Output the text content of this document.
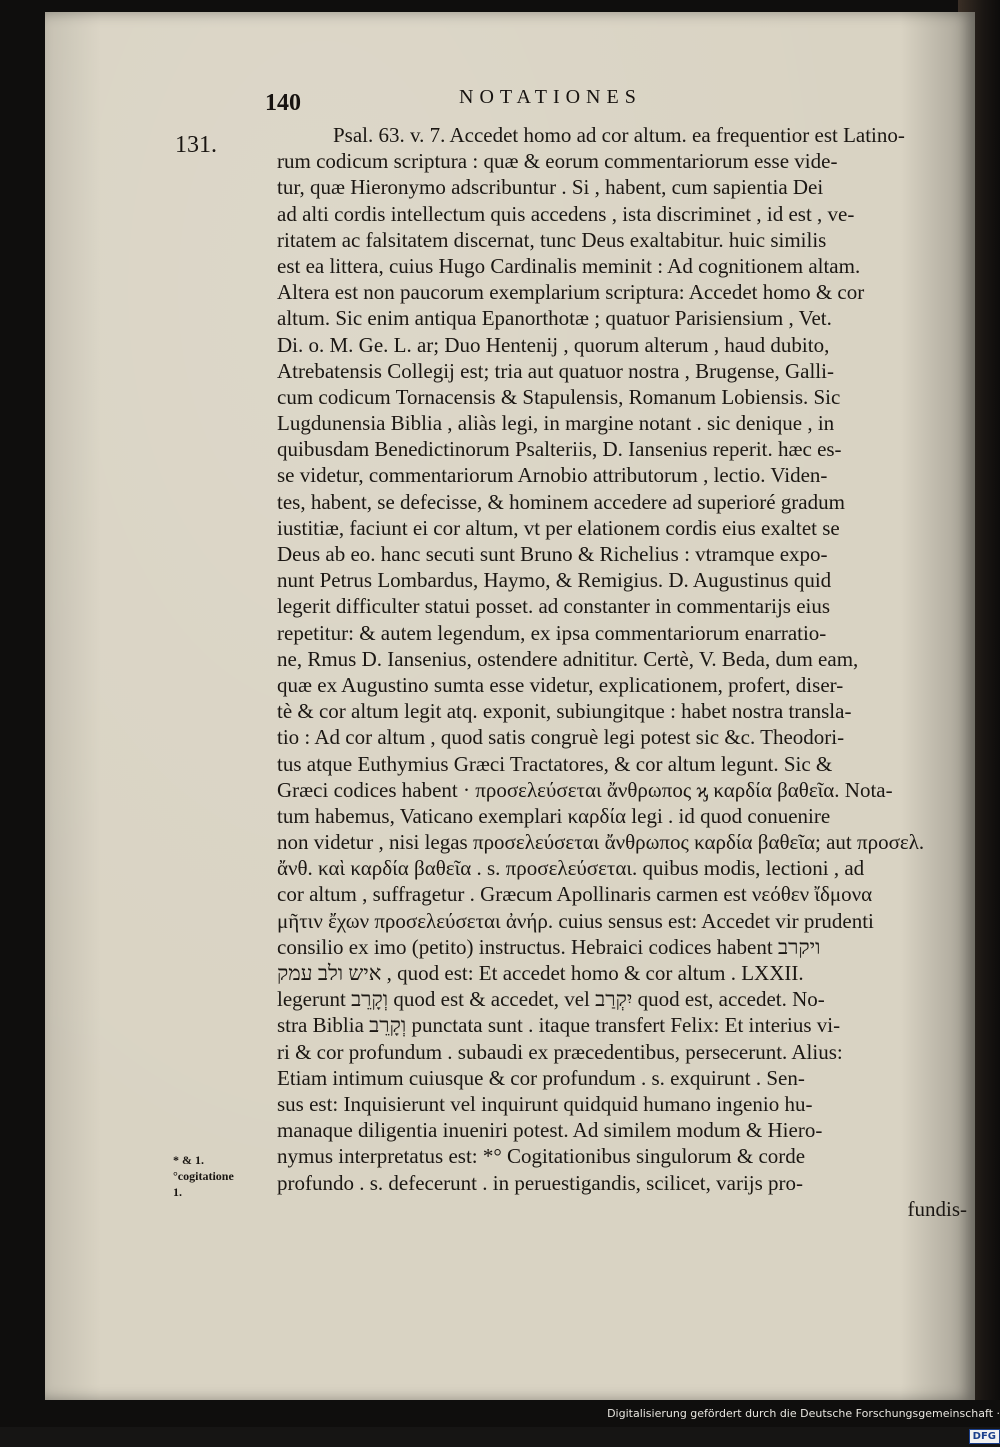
140	NOTATIONES
131.
* & 1.
°cogitatione
1.
Psal. 63. v. 7. Accedet homo ad cor altum. ea frequentior est Latino-
rum codicum scriptura : quæ & eorum commentariorum esse vide-
tur, quæ Hieronymo adscribuntur . Si , habent, cum sapientia Dei
ad alti cordis intellectum quis accedens , ista discriminet , id est , ve-
ritatem ac falsitatem discernat, tunc Deus exaltabitur. huic similis
est ea littera, cuius Hugo Cardinalis meminit : Ad cognitionem altam.
Altera est non paucorum exemplarium scriptura: Accedet homo & cor
altum. Sic enim antiqua Epanorthotæ ; quatuor Parisiensium , Vet.
Di. o. M. Ge. L. ar; Duo Hentenij , quorum alterum , haud dubito,
Atrebatensis Collegij est; tria aut quatuor nostra , Brugense, Galli-
cum codicum Tornacensis & Stapulensis, Romanum Lobiensis. Sic
Lugdunensia Biblia , aliàs legi, in margine notant . sic denique , in
quibusdam Benedictinorum Psalteriis, D. Iansenius reperit. hæc es-
se videtur, commentariorum Arnobio attributorum , lectio. Viden-
tes, habent, se defecisse, & hominem accedere ad superioré gradum
iustitiæ, faciunt ei cor altum, vt per elationem cordis eius exaltet se
Deus ab eo. hanc secuti sunt Bruno & Richelius : vtramque expo-
nunt Petrus Lombardus, Haymo, & Remigius. D. Augustinus quid
legerit difficulter statui posset. ad constanter in commentarijs eius
repetitur: & autem legendum, ex ipsa commentariorum enarratio-
ne, Rmus D. Iansenius, ostendere adnititur. Certè, V. Beda, dum eam,
quæ ex Augustino sumta esse videtur, explicationem, profert, diser-
tè & cor altum legit atq. exponit, subiungitque : habet nostra transla-
tio : Ad cor altum , quod satis congruè legi potest sic &c. Theodori-
tus atque Euthymius Græci Tractatores, & cor altum legunt. Sic &
Græci codices habent · προσελεύσεται ἄνθρωπος ϗ καρδία βαθεῖα. Nota-
tum habemus, Vaticano exemplari καρδία legi . id quod conuenire
non videtur , nisi legas προσελεύσεται ἄνθρωπος καρδία βαθεῖα; aut προσελ.
ἄνθ. καὶ καρδία βαθεῖα . s. προσελεύσεται. quibus modis, lectioni , ad
cor altum , suffragetur . Græcum Apollinaris carmen est νεόθεν ἴδμονα
μῆτιν ἔχων προσελεύσεται ἀνήρ. cuius sensus est: Accedet vir prudenti
consilio ex imo (petito) instructus. Hebraici codices habent ויקרב
איש ולב עמק , quod est: Et accedet homo & cor altum . LXXII.
legerunt וְקָרֵב quod est & accedet, vel יִקְרַב quod est, accedet. No-
stra Biblia וְקָרֵב punctata sunt . itaque transfert Felix: Et interius vi-
ri & cor profundum . subaudi ex præcedentibus, persecerunt. Alius:
Etiam intimum cuiusque & cor profundum . s. exquirunt . Sen-
sus est: Inquisierunt vel inquirunt quidquid humano ingenio hu-
manaque diligentia inueniri potest. Ad similem modum & Hiero-
nymus interpretatus est: *° Cogitationibus singulorum & corde
profundo . s. defecerunt . in peruestigandis, scilicet, varijs pro-
fundis-
Digitalisierung gefördert durch die Deutsche Forschungsgemeinschaft · DFG
